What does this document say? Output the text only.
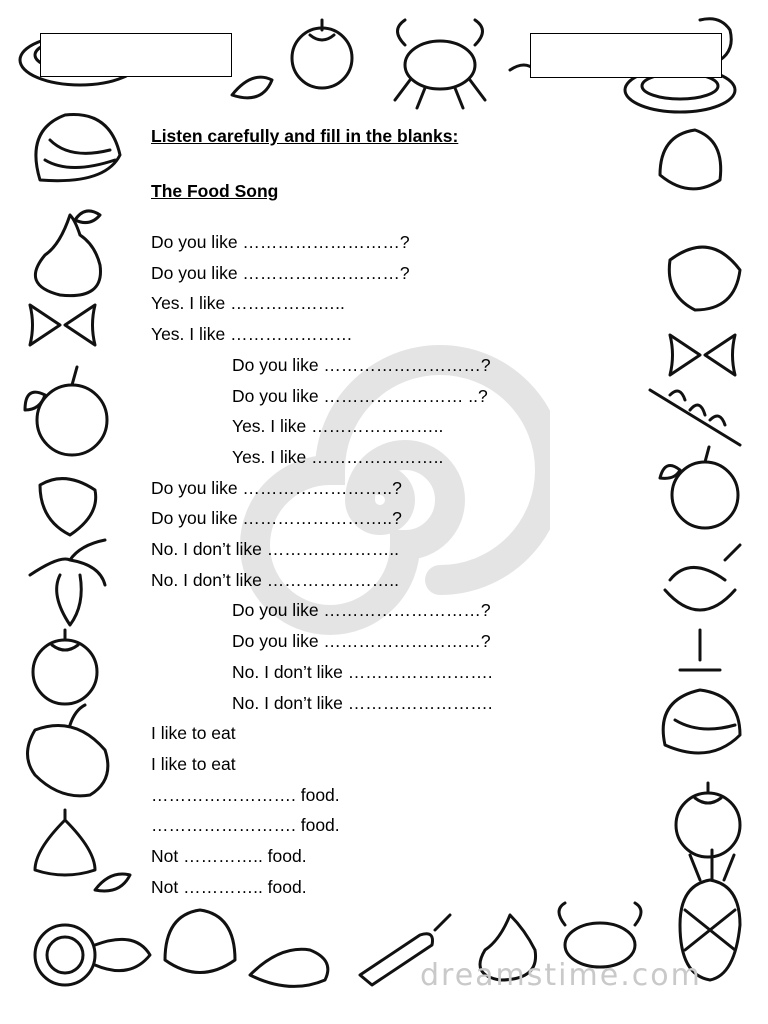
Listen carefully and fill in the blanks:
The Food Song
Do you like ………………………?
Do you like ………………………?
Yes. I like ………………..
Yes. I like …………………
Do you like ………………………?
Do you like …………………… ..?
Yes. I like …………………..
Yes. I like …………………..
Do you like ……………………..?
Do you like ……………………..?
No. I don’t like …………………..
No. I don’t like …………………..
Do you like ………………………?
Do you like ………………………?
No. I don’t like …………………….
No. I don’t like …………………….
I like to eat
I like to eat
……………………. food.
……………………. food.
Not ………….. food.
Not ………….. food.
dreamstime.com
